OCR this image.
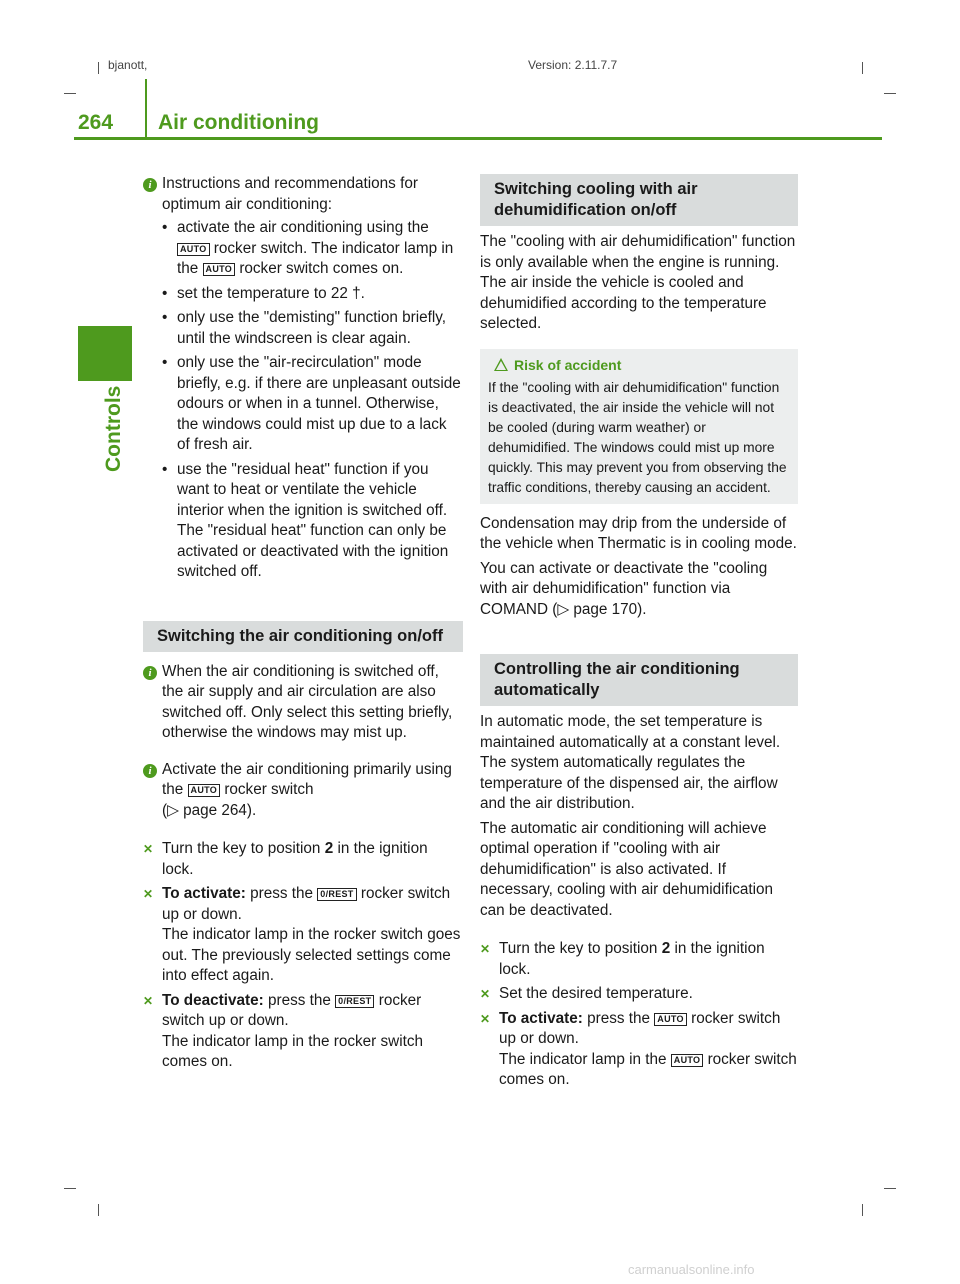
bjanott,	Version: 2.11.7.7
264 Air conditioning
Controls
i Instructions and recommendations for optimum air conditioning:

• activate the air conditioning using the AUTO rocker switch. The indicator lamp in the AUTO rocker switch comes on.

• set the temperature to 22 †.

• only use the "demisting" function briefly, until the windscreen is clear again.

• only use the "air-recirculation" mode briefly, e.g. if there are unpleasant outside odours or when in a tunnel. Otherwise, the windows could mist up due to a lack of fresh air.

• use the "residual heat" function if you want to heat or ventilate the vehicle interior when the ignition is switched off. The "residual heat" function can only be activated or deactivated with the ignition switched off.

Switching the air conditioning on/off
i When the air conditioning is switched off, the air supply and air circulation are also switched off. Only select this setting briefly, otherwise the windows may mist up.

i Activate the air conditioning primarily using the AUTO rocker switch
(▷ page 264).

✕ Turn the key to position 2 in the ignition lock.

✕ To activate: press the 0/REST rocker switch up or down.
The indicator lamp in the rocker switch goes out. The previously selected settings come into effect again.

✕ To deactivate: press the 0/REST rocker switch up or down.
The indicator lamp in the rocker switch comes on.

Switching cooling with air dehumidification on/off

The "cooling with air dehumidification" function is only available when the engine is running. The air inside the vehicle is cooled and dehumidified according to the temperature selected.

Risk of accident

If the "cooling with air dehumidification" function is deactivated, the air inside the vehicle will not be cooled (during warm weather) or dehumidified. The windows could mist up more quickly. This may prevent you from observing the traffic conditions, thereby causing an accident.

Condensation may drip from the underside of the vehicle when Thermatic is in cooling mode.

You can activate or deactivate the "cooling with air dehumidification" function via COMAND (▷ page 170).

Controlling the air conditioning automatically

In automatic mode, the set temperature is maintained automatically at a constant level. The system automatically regulates the temperature of the dispensed air, the airflow and the air distribution.

The automatic air conditioning will achieve optimal operation if "cooling with air dehumidification" is also activated. If necessary, cooling with air dehumidification can be deactivated.

✕ Turn the key to position 2 in the ignition lock.

✕ Set the desired temperature.

✕ To activate: press the AUTO rocker switch up or down.
The indicator lamp in the AUTO rocker switch comes on.

carmanualsonline.info
